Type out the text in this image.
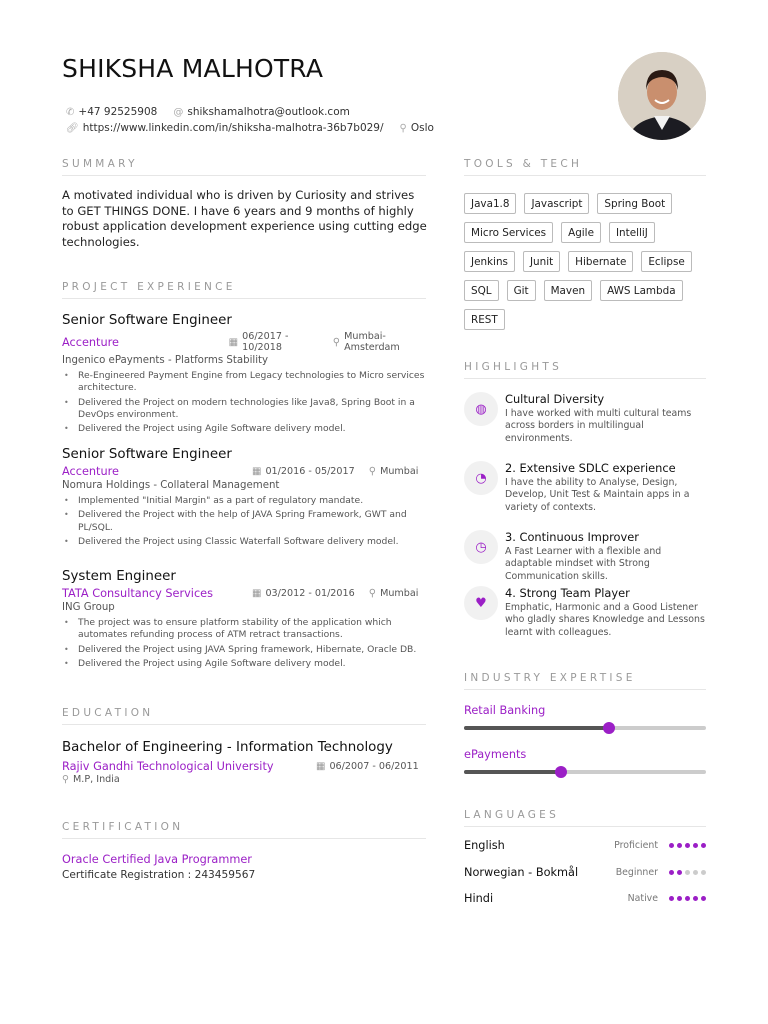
SHIKSHA MALHOTRA
✆ +47 92525908 @ shikshamalhotra@outlook.com
🔗︎ https://www.linkedin.com/in/shiksha-malhotra-36b7b029/ ⚲ Oslo
SUMMARY
A motivated individual who is driven by Curiosity and strives to GET THINGS DONE. I have 6 years and 9 months of highly robust application development experience using cutting edge technologies.
PROJECT EXPERIENCE
Senior Software Engineer
Accenture	▦ 06/2017 - 10/2018	⚲ Mumbai-Amsterdam
Ingenico ePayments - Platforms Stability
• Re-Engineered Payment Engine from Legacy technologies to Micro services architecture.
• Delivered the Project on modern technologies like Java8, Spring Boot in a DevOps environment.
• Delivered the Project using Agile Software delivery model.
Senior Software Engineer
Accenture	▦ 01/2016 - 05/2017 ⚲ Mumbai
Nomura Holdings - Collateral Management
• Implemented "Initial Margin" as a part of regulatory mandate.
• Delivered the Project with the help of JAVA Spring Framework, GWT and PL/SQL.
• Delivered the Project using Classic Waterfall Software delivery model.
System Engineer
TATA Consultancy Services	▦ 03/2012 - 01/2016 ⚲ Mumbai
ING Group
• The project was to ensure platform stability of the application which automates refunding process of ATM retract transactions.
• Delivered the Project using JAVA Spring framework, Hibernate, Oracle DB.
• Delivered the Project using Agile Software delivery model.
EDUCATION
Bachelor of Engineering - Information Technology
Rajiv Gandhi Technological University	▦ 06/2007 - 06/2011
⚲ M.P, India
CERTIFICATION
Oracle Certified Java Programmer
Certificate Registration : 243459567
TOOLS & TECH
Java1.8	Javascript	Spring Boot
Micro Services	Agile	IntelliJ
Jenkins	Junit	Hibernate	Eclipse
SQL	Git	Maven	AWS Lambda
REST
HIGHLIGHTS
◍
Cultural Diversity
I have worked with multi cultural teams across borders in multilingual environments.
◔
2. Extensive SDLC experience
I have the ability to Analyse, Design, Develop, Unit Test & Maintain apps in a variety of contexts.
◷
3. Continuous Improver
A Fast Learner with a flexible and adaptable mindset with Strong Communication skills.
♥
4. Strong Team Player
Emphatic, Harmonic and a Good Listener who gladly shares Knowledge and Lessons learnt with colleagues.
INDUSTRY EXPERTISE
Retail Banking
ePayments
LANGUAGES
English	Proficient
Norwegian - Bokmål	Beginner
Hindi	Native
